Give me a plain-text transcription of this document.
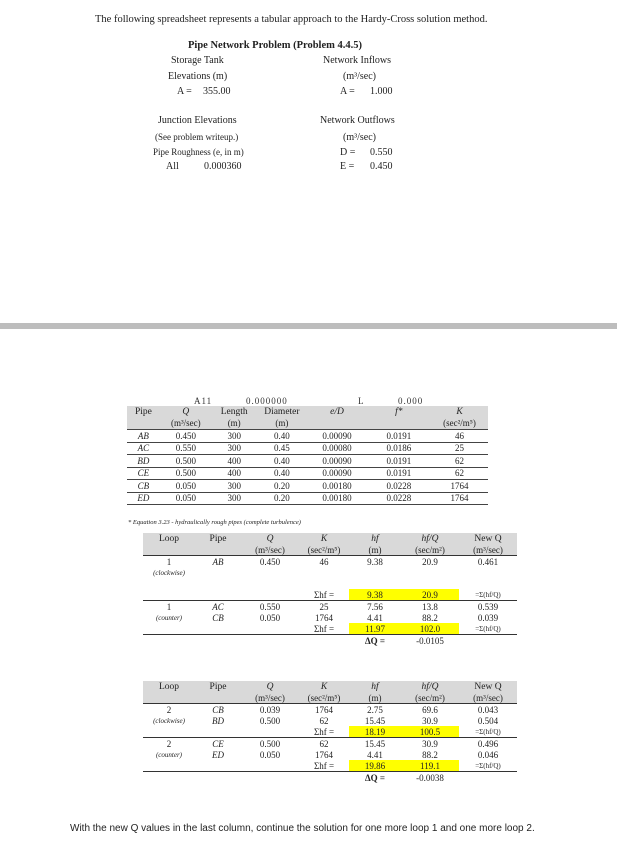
The following spreadsheet represents a tabular approach to the Hardy-Cross solution method.
Pipe Network Problem (Problem 4.4.5)
Storage Tank
Elevations (m)
A = 355.00
Network Inflows
(m³/sec)
A = 1.000
Junction Elevations
(See problem writeup.)
Pipe Roughness (e, in m)
All	0.000360
Network Outflows
(m³/sec)
D = 0.550
E = 0.450
A11	0.000000	L	0.000
Pipe	Q	Length	Diameter	e/D	f*	K
	(m³/sec)	(m)	(m)			(sec²/m⁵)
AB	0.450	300	0.40	0.00090	0.0191	46
AC	0.550	300	0.45	0.00080	0.0186	25
BD	0.500	400	0.40	0.00090	0.0191	62
CE	0.500	400	0.40	0.00090	0.0191	62
CB	0.050	300	0.20	0.00180	0.0228	1764
ED	0.050	300	0.20	0.00180	0.0228	1764
* Equation 3.23 - hydraulically rough pipes (complete turbulence)
Loop	Pipe	Q	K	hf	hf/Q	New Q
		(m³/sec)	(sec²/m⁵)	(m)	(sec/m²)	(m³/sec)
1	AB	0.450	46	9.38	20.9	0.461
(clockwise)						

			Σhf =	9.38	20.9	=Σ(hf/Q)
1	AC	0.550	25	7.56	13.8	0.539
(counter)	CB	0.050	1764	4.41	88.2	0.039
			Σhf =	11.97	102.0	=Σ(hf/Q)
				ΔQ =	-0.0105	
Loop	Pipe	Q	K	hf	hf/Q	New Q
		(m³/sec)	(sec²/m⁵)	(m)	(sec/m²)	(m³/sec)
2	CB	0.039	1764	2.75	69.6	0.043
(clockwise)	BD	0.500	62	15.45	30.9	0.504
			Σhf =	18.19	100.5	=Σ(hf/Q)
2	CE	0.500	62	15.45	30.9	0.496
(counter)	ED	0.050	1764	4.41	88.2	0.046
			Σhf =	19.86	119.1	=Σ(hf/Q)
				ΔQ =	-0.0038	
With the new Q values in the last column, continue the solution for one more loop 1 and one more loop 2.
